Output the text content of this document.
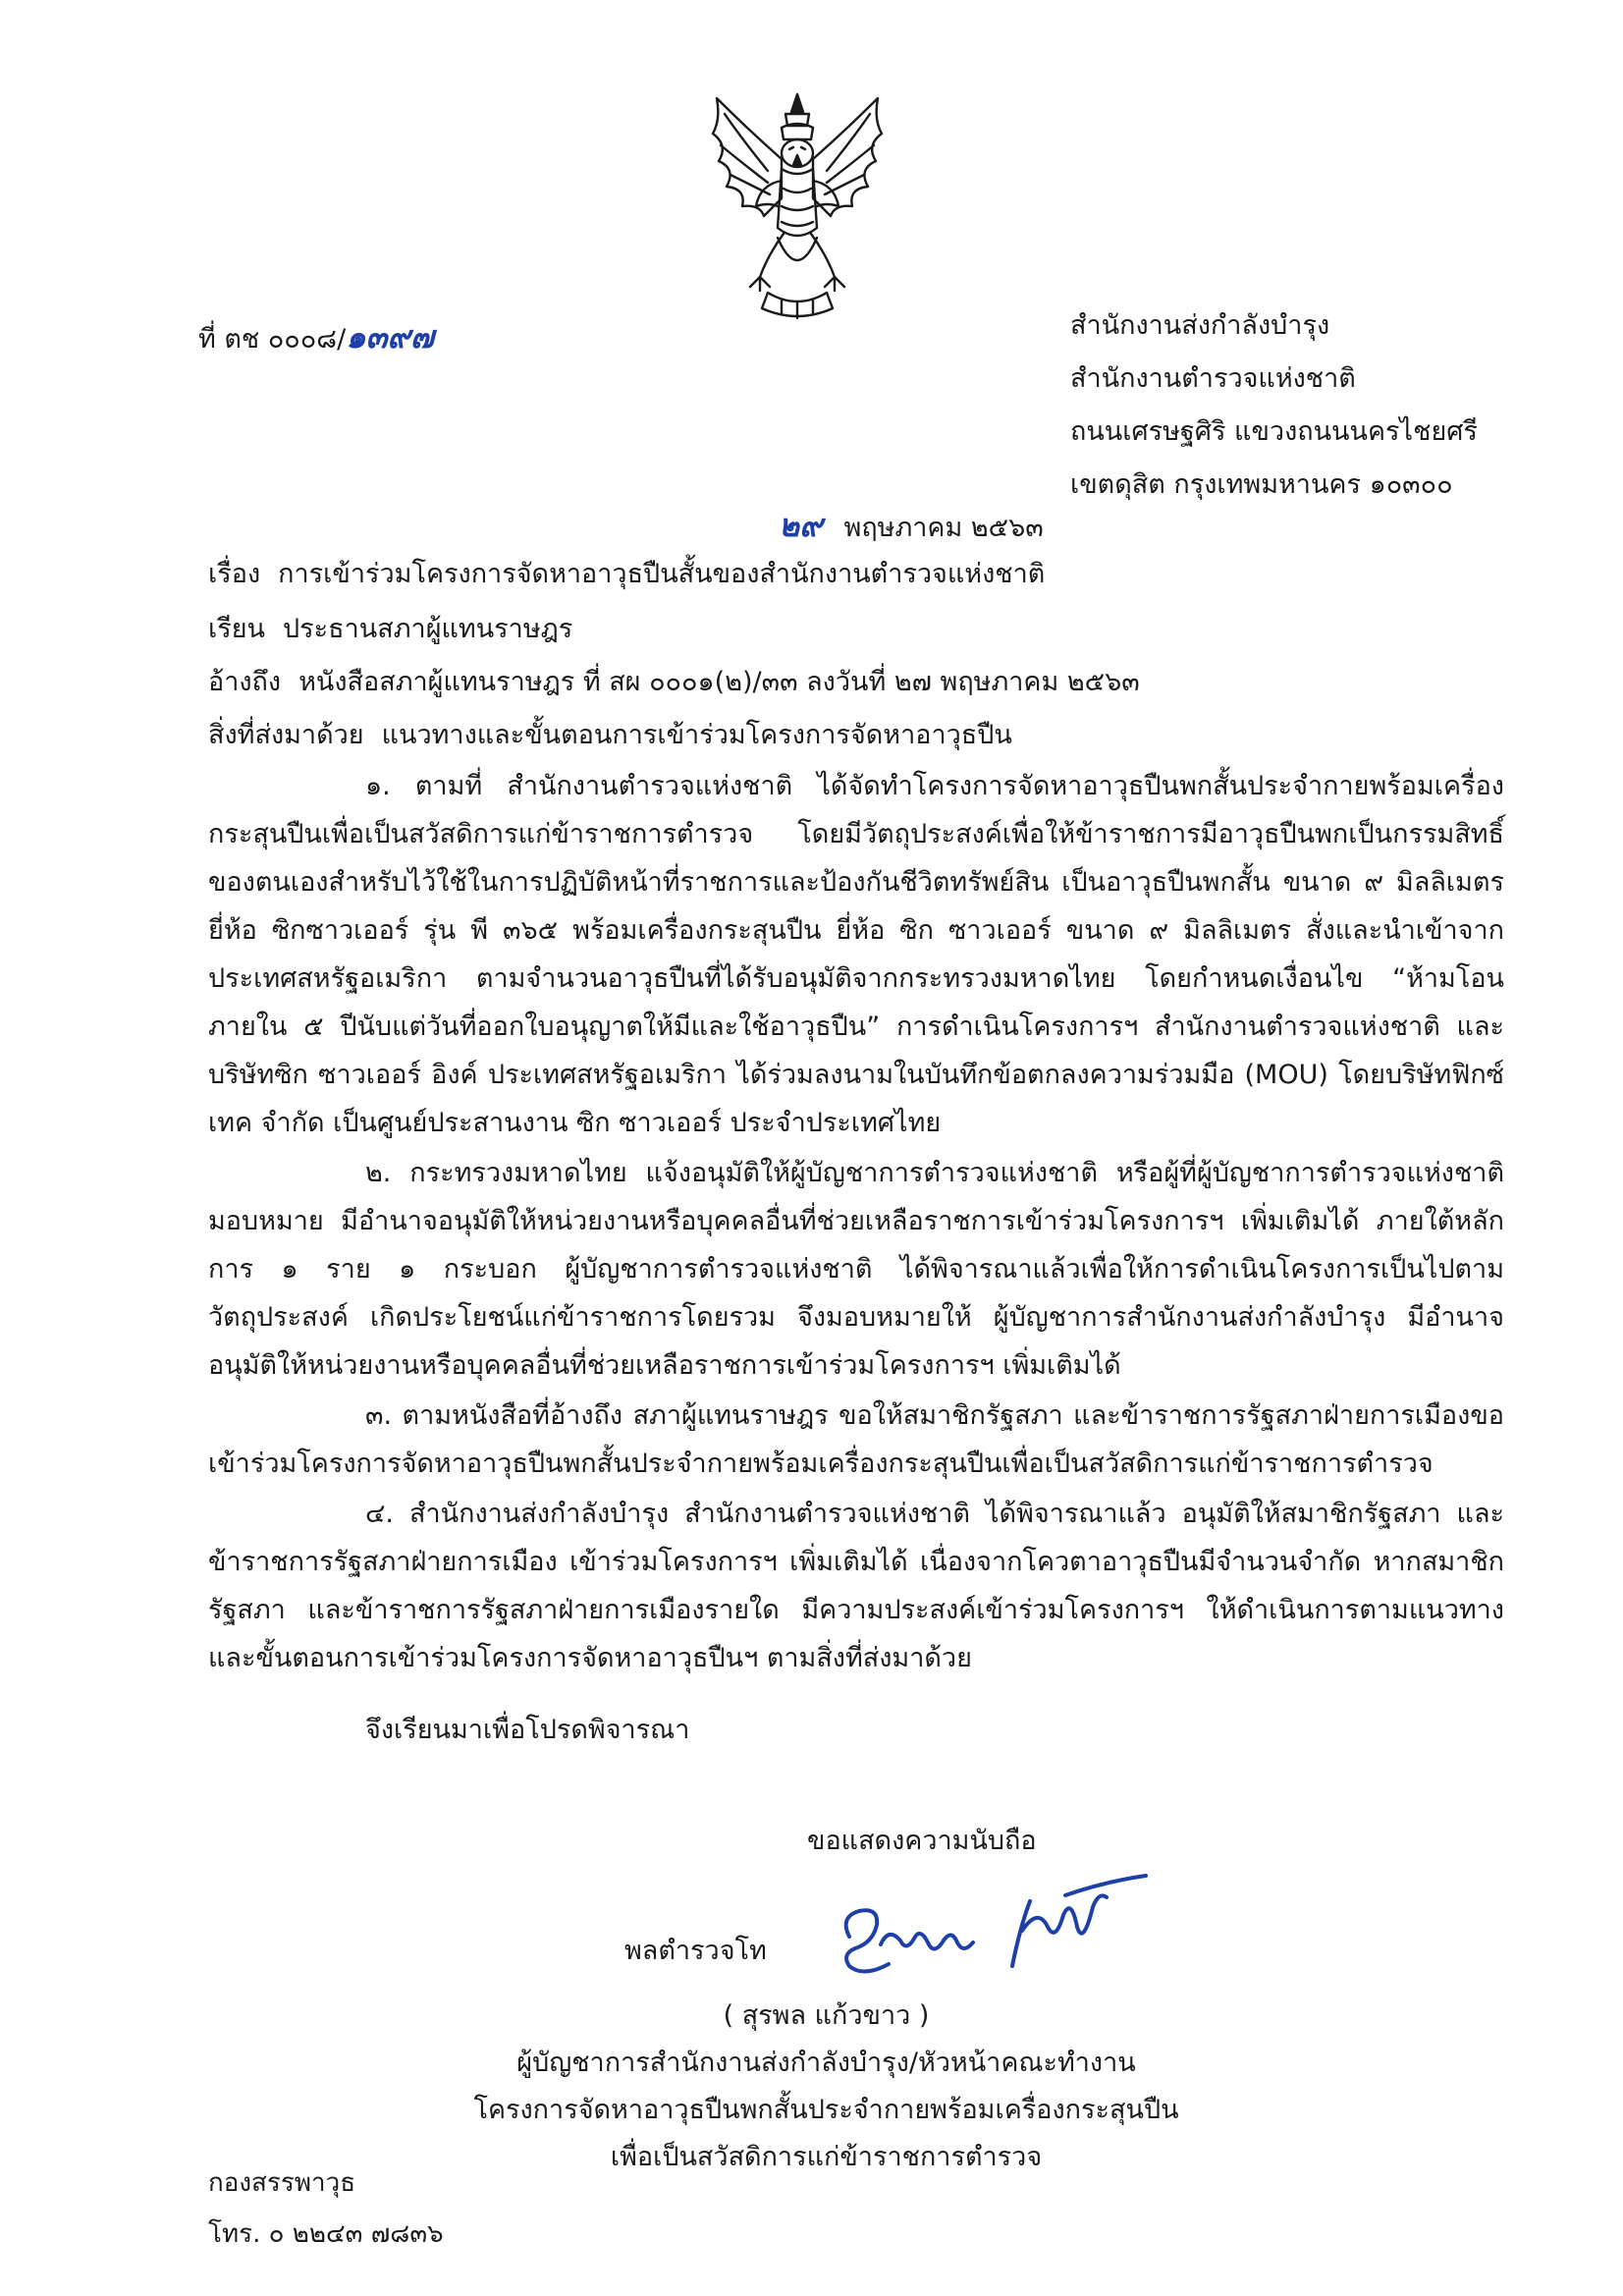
ที่ ตช ๐๐๐๘/๑๓๙๗	สำนักงานส่งกำลังบำรุง
สำนักงานตำรวจแห่งชาติ
ถนนเศรษฐศิริ แขวงถนนนครไชยศรี
เขตดุสิต กรุงเทพมหานคร ๑๐๓๐๐
๒๙ พฤษภาคม ๒๕๖๓
เรื่อง การเข้าร่วมโครงการจัดหาอาวุธปืนสั้นของสำนักงานตำรวจแห่งชาติ
เรียน ประธานสภาผู้แทนราษฎร
อ้างถึง หนังสือสภาผู้แทนราษฎร ที่ สผ ๐๐๐๑(๒)/๓๓ ลงวันที่ ๒๗ พฤษภาคม ๒๕๖๓
สิ่งที่ส่งมาด้วย แนวทางและขั้นตอนการเข้าร่วมโครงการจัดหาอาวุธปืน

๑. ตามที่ สำนักงานตำรวจแห่งชาติ ได้จัดทำโครงการจัดหาอาวุธปืนพกสั้นประจำกายพร้อมเครื่องกระสุนปืนเพื่อเป็นสวัสดิการแก่ข้าราชการตำรวจ โดยมีวัตถุประสงค์เพื่อให้ข้าราชการมีอาวุธปืนพกเป็นกรรมสิทธิ์ของตนเองสำหรับไว้ใช้ในการปฏิบัติหน้าที่ราชการและป้องกันชีวิตทรัพย์สิน เป็นอาวุธปืนพกสั้น ขนาด ๙ มิลลิเมตร ยี่ห้อ ซิกซาวเออร์ รุ่น พี ๓๖๕ พร้อมเครื่องกระสุนปืน ยี่ห้อ ซิก ซาวเออร์ ขนาด ๙ มิลลิเมตร สั่งและนำเข้าจากประเทศสหรัฐอเมริกา ตามจำนวนอาวุธปืนที่ได้รับอนุมัติจากกระทรวงมหาดไทย โดยกำหนดเงื่อนไข “ห้ามโอนภายใน ๕ ปีนับแต่วันที่ออกใบอนุญาตให้มีและใช้อาวุธปืน” การดำเนินโครงการฯ สำนักงานตำรวจแห่งชาติ และบริษัทซิก ซาวเออร์ อิงค์ ประเทศสหรัฐอเมริกา ได้ร่วมลงนามในบันทึกข้อตกลงความร่วมมือ (MOU) โดยบริษัทฟิกซ์เทค จำกัด เป็นศูนย์ประสานงาน ซิก ซาวเออร์ ประจำประเทศไทย

๒. กระทรวงมหาดไทย แจ้งอนุมัติให้ผู้บัญชาการตำรวจแห่งชาติ หรือผู้ที่ผู้บัญชาการตำรวจแห่งชาติมอบหมาย มีอำนาจอนุมัติให้หน่วยงานหรือบุคคลอื่นที่ช่วยเหลือราชการเข้าร่วมโครงการฯ เพิ่มเติมได้ ภายใต้หลักการ ๑ ราย ๑ กระบอก ผู้บัญชาการตำรวจแห่งชาติ ได้พิจารณาแล้วเพื่อให้การดำเนินโครงการเป็นไปตามวัตถุประสงค์ เกิดประโยชน์แก่ข้าราชการโดยรวม จึงมอบหมายให้ ผู้บัญชาการสำนักงานส่งกำลังบำรุง มีอำนาจอนุมัติให้หน่วยงานหรือบุคคลอื่นที่ช่วยเหลือราชการเข้าร่วมโครงการฯ เพิ่มเติมได้

๓. ตามหนังสือที่อ้างถึง สภาผู้แทนราษฎร ขอให้สมาชิกรัฐสภา และข้าราชการรัฐสภาฝ่ายการเมืองขอเข้าร่วมโครงการจัดหาอาวุธปืนพกสั้นประจำกายพร้อมเครื่องกระสุนปืนเพื่อเป็นสวัสดิการแก่ข้าราชการตำรวจ

๔. สำนักงานส่งกำลังบำรุง สำนักงานตำรวจแห่งชาติ ได้พิจารณาแล้ว อนุมัติให้สมาชิกรัฐสภา และข้าราชการรัฐสภาฝ่ายการเมือง เข้าร่วมโครงการฯ เพิ่มเติมได้ เนื่องจากโควตาอาวุธปืนมีจำนวนจำกัด หากสมาชิกรัฐสภา และข้าราชการรัฐสภาฝ่ายการเมืองรายใด มีความประสงค์เข้าร่วมโครงการฯ ให้ดำเนินการตามแนวทางและขั้นตอนการเข้าร่วมโครงการจัดหาอาวุธปืนฯ ตามสิ่งที่ส่งมาด้วย

จึงเรียนมาเพื่อโปรดพิจารณา

ขอแสดงความนับถือ
พลตำรวจโท
( สุรพล แก้วขาว )
ผู้บัญชาการสำนักงานส่งกำลังบำรุง/หัวหน้าคณะทำงาน
โครงการจัดหาอาวุธปืนพกสั้นประจำกายพร้อมเครื่องกระสุนปืน
เพื่อเป็นสวัสดิการแก่ข้าราชการตำรวจ
กองสรรพาวุธ
โทร. ๐ ๒๒๔๓ ๗๘๓๖
